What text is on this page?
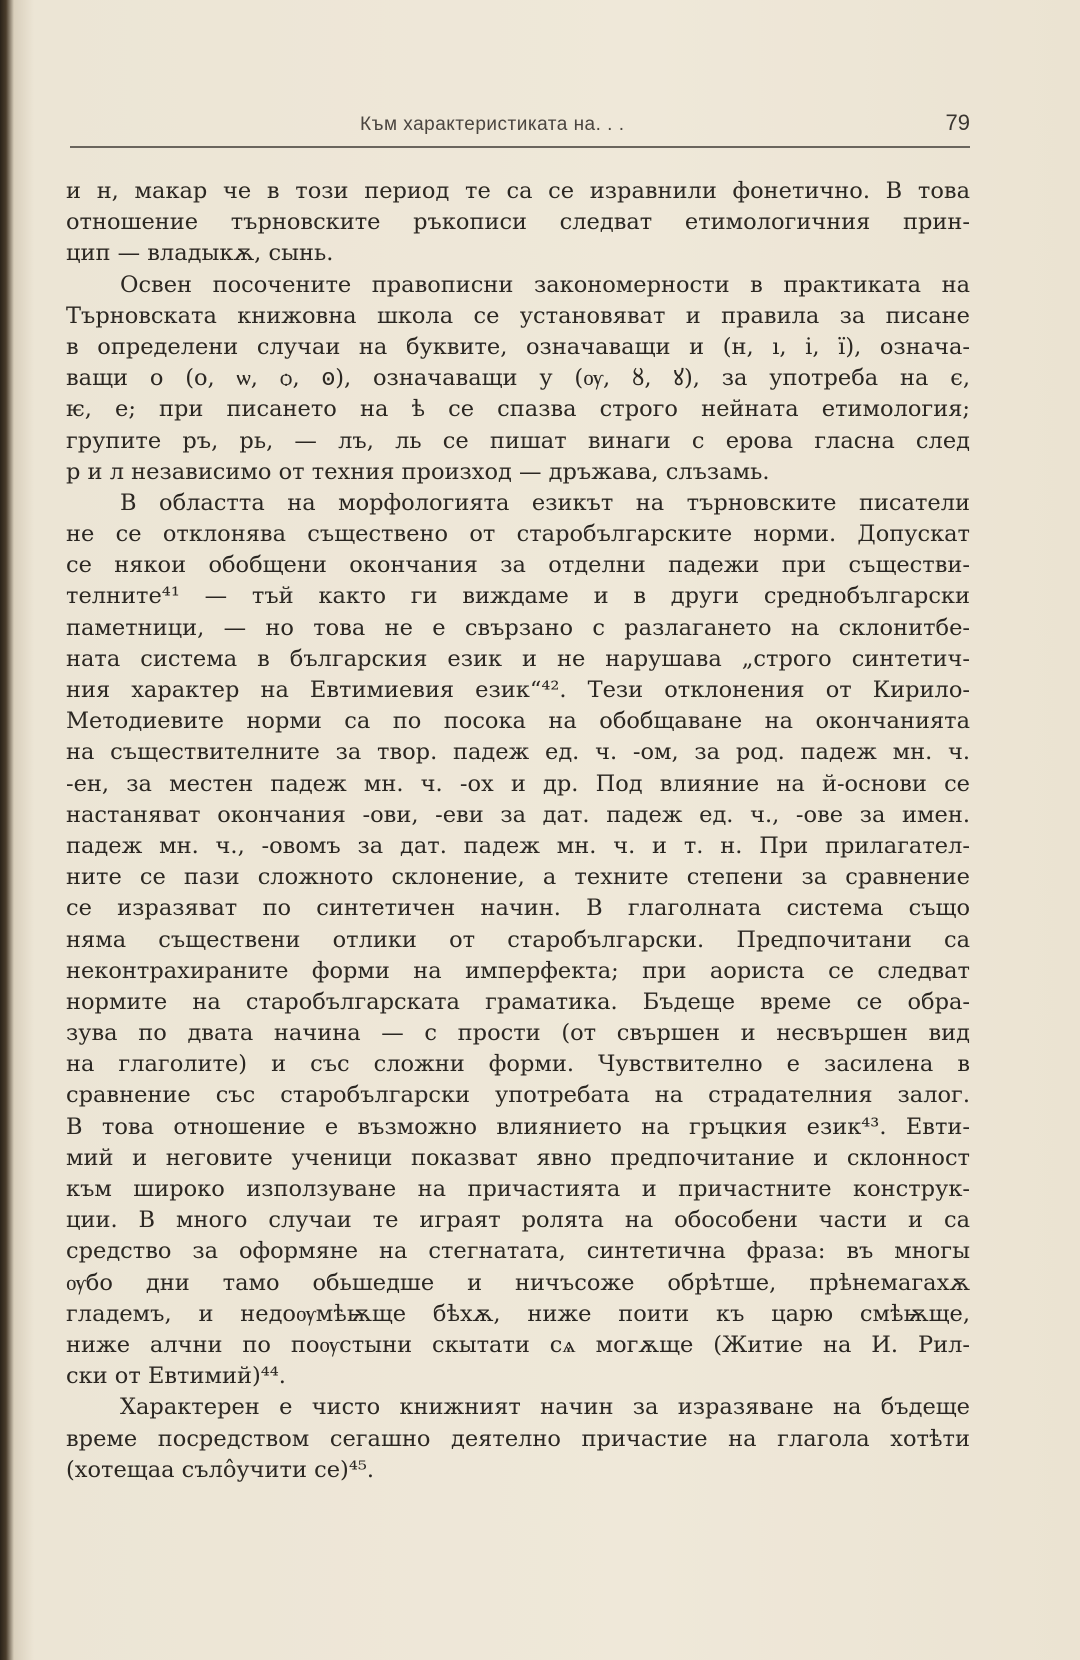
Към характеристиката на. . .	79
и н, макар че в този период те са се изравнили фонетично. В това
отношение търновските ръкописи следват етимологичния прин-
цип — владыкѫ, сынь.
Освен посочените правописни закономерности в практиката на
Търновската книжовна школа се установяват и правила за писане
в определени случаи на буквите, означаващи и (н, ı, і, ї), означа-
ващи о (о, ѡ, ѻ, ꙩ), означаващи у (ѹ, ȣ, ꙋ), за употреба на є,
ѥ, е; при писането на ѣ се спазва строго нейната етимология;
групите ръ, рь, — лъ, ль се пишат винаги с ерова гласна след
р и л независимо от техния произход — дръжава, слъзамь.
В областта на морфологията езикът на търновските писатели
не се отклонява съществено от старобългарските норми. Допускат
се някои обобщени окончания за отделни падежи при съществи-
телните⁴¹ — тъй както ги виждаме и в други среднобългарски
паметници, — но това не е свързано с разлагането на склонитбе-
ната система в българския език и не нарушава „строго синтетич-
ния характер на Евтимиевия език“⁴². Тези отклонения от Кирило-
Методиевите норми са по посока на обобщаване на окончанията
на съществителните за твор. падеж ед. ч. -ом, за род. падеж мн. ч.
-ен, за местен падеж мн. ч. -ох и др. Под влияние на й-основи се
настаняват окончания -ови, -еви за дат. падеж ед. ч., -ове за имен.
падеж мн. ч., -овомъ за дат. падеж мн. ч. и т. н. При прилагател-
ните се пази сложното склонение, а техните степени за сравнение
се изразяват по синтетичен начин. В глаголната система също
няма съществени отлики от старобългарски. Предпочитани са
неконтрахираните форми на имперфекта; при аориста се следват
нормите на старобългарската граматика. Бъдеще време се обра-
зува по двата начина — с прости (от свършен и несвършен вид
на глаголите) и със сложни форми. Чувствително е засилена в
сравнение със старобългарски употребата на страдателния залог.
В това отношение е възможно влиянието на гръцкия език⁴³. Евти-
мий и неговите ученици показват явно предпочитание и склонност
към широко използуване на причастията и причастните конструк-
ции. В много случаи те играят ролята на обособени части и са
средство за оформяне на стегнатата, синтетична фраза: въ многы
ѹбо дни тамо обьшедше и ничъсоже обрѣтше, прѣнемагахѫ
гладемъ, и недоѹмѣѭще бѣхѫ, ниже поити къ царю смѣѭще,
ниже алчни по поѹстыни скытати сѧ могѫще (Житие на И. Рил-
ски от Евтимий)⁴⁴.
Характерен е чисто книжният начин за изразяване на бъдеще
време посредством сегашно деятелно причастие на глагола хотѣти
(хотещаа съло̂учити се)⁴⁵.
